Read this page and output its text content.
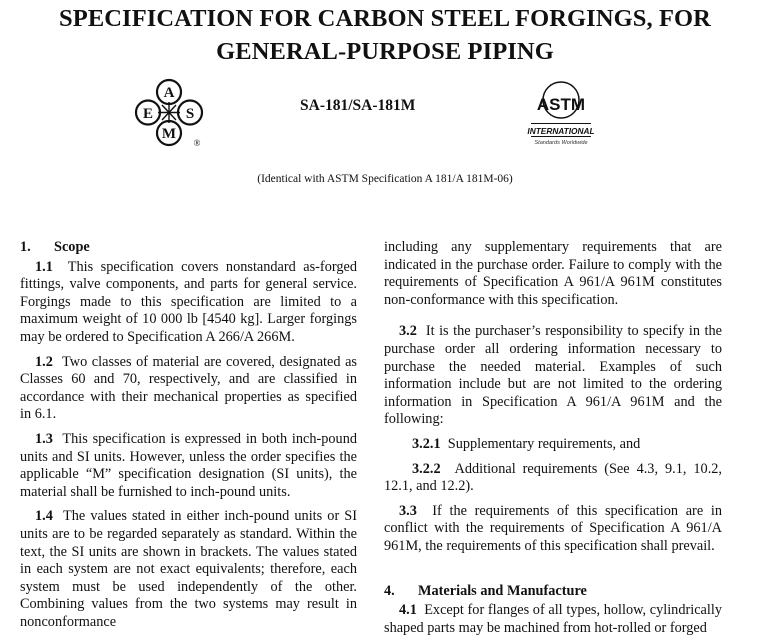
SPECIFICATION FOR CARBON STEEL FORGINGS, FOR
GENERAL-PURPOSE PIPING
A
E S
M
®
SA-181/SA-181M	ASTM
INTERNATIONAL
Standards Worldwide
(Identical with ASTM Specification A 181/A 181M-06)
1. Scope

1.1 This specification covers nonstandard as-forged fittings, valve components, and parts for general service. Forgings made to this specification are limited to a maximum weight of 10 000 lb [4540 kg]. Larger forgings may be ordered to Specification A 266/A 266M.

1.2 Two classes of material are covered, designated as Classes 60 and 70, respectively, and are classified in accordance with their mechanical properties as specified in 6.1.

1.3 This specification is expressed in both inch-pound units and SI units. However, unless the order specifies the applicable “M” specification designation (SI units), the material shall be furnished to inch-pound units.

1.4 The values stated in either inch-pound units or SI units are to be regarded separately as standard. Within the text, the SI units are shown in brackets. The values stated in each system are not exact equivalents; therefore, each system must be used independently of the other. Combining values from the two systems may result in nonconformance

including any supplementary requirements that are indicated in the purchase order. Failure to comply with the requirements of Specification A 961/A 961M constitutes non-conformance with this specification.

3.2 It is the purchaser’s responsibility to specify in the purchase order all ordering information necessary to purchase the needed material. Examples of such information include but are not limited to the ordering information in Specification A 961/A 961M and the following:

3.2.1 Supplementary requirements, and

3.2.2 Additional requirements (See 4.3, 9.1, 10.2, 12.1, and 12.2).

3.3 If the requirements of this specification are in conflict with the requirements of Specification A 961/A 961M, the requirements of this specification shall prevail.

4. Materials and Manufacture

4.1 Except for flanges of all types, hollow, cylindrically shaped parts may be machined from hot-rolled or forged
